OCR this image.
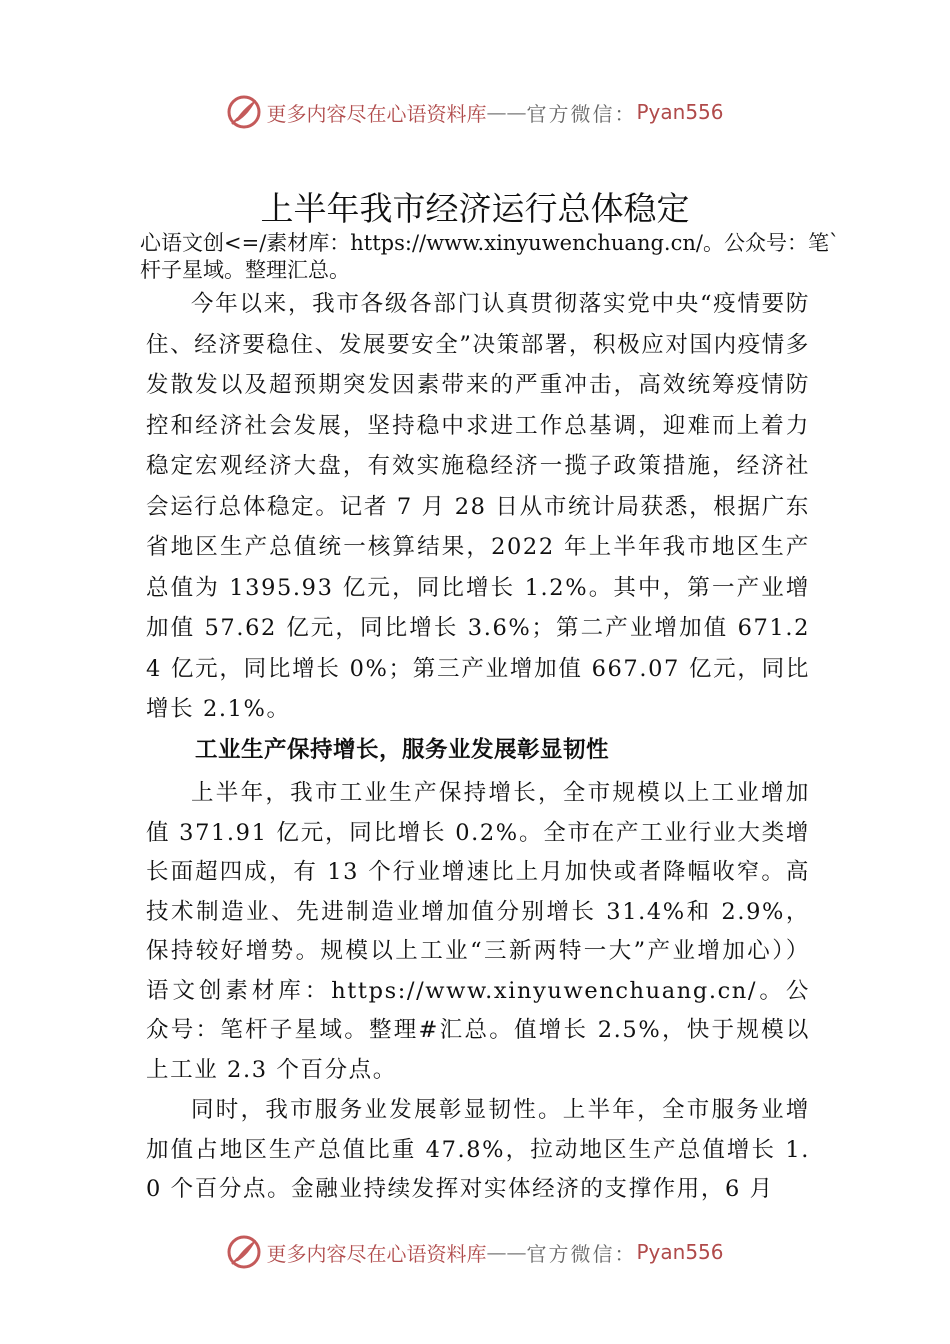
更多内容尽在心语资料库 —— 官方微信： Pyan556
上半年我市经济运行总体稳定

心语文创<=/素材库：https://www.xinyuwenchuang.cn/。公众号：笔`杆子星域。整理汇总。

今年以来，我市各级各部门认真贯彻落实党中央“疫情要防住、经济要稳住、发展要安全”决策部署，积极应对国内疫情多发散发以及超预期突发因素带来的严重冲击，高效统筹疫情防控和经济社会发展，坚持稳中求进工作总基调，迎难而上着力稳定宏观经济大盘，有效实施稳经济一揽子政策措施，经济社会运行总体稳定。记者 7 月 28 日从市统计局获悉，根据广东省地区生产总值统一核算结果，2022 年上半年我市地区生产总值为 1395.93 亿元，同比增长 1.2%。其中，第一产业增加值 57.62 亿元，同比增长 3.6%；第二产业增加值 671.24 亿元，同比增长 0%；第三产业增加值 667.07 亿元，同比增长 2.1%。

工业生产保持增长，服务业发展彰显韧性

上半年，我市工业生产保持增长，全市规模以上工业增加值 371.91 亿元，同比增长 0.2%。全市在产工业行业大类增长面超四成，有 13 个行业增速比上月加快或者降幅收窄。高技术制造业、先进制造业增加值分别增长 31.4%和 2.9%， 保持较好增势。规模以上工业“三新两特一大”产业增加心））语文创素材库：https://www.xinyuwenchuang.cn/。公众号：笔杆子星域。整理#汇总。值增长 2.5%，快于规模以上工业 2.3 个百分点。

同时，我市服务业发展彰显韧性。上半年，全市服务业增加值占地区生产总值比重 47.8%，拉动地区生产总值增长 1.0 个百分点。金融业持续发挥对实体经济的支撑作用，6 月

更多内容尽在心语资料库 —— 官方微信： Pyan556
